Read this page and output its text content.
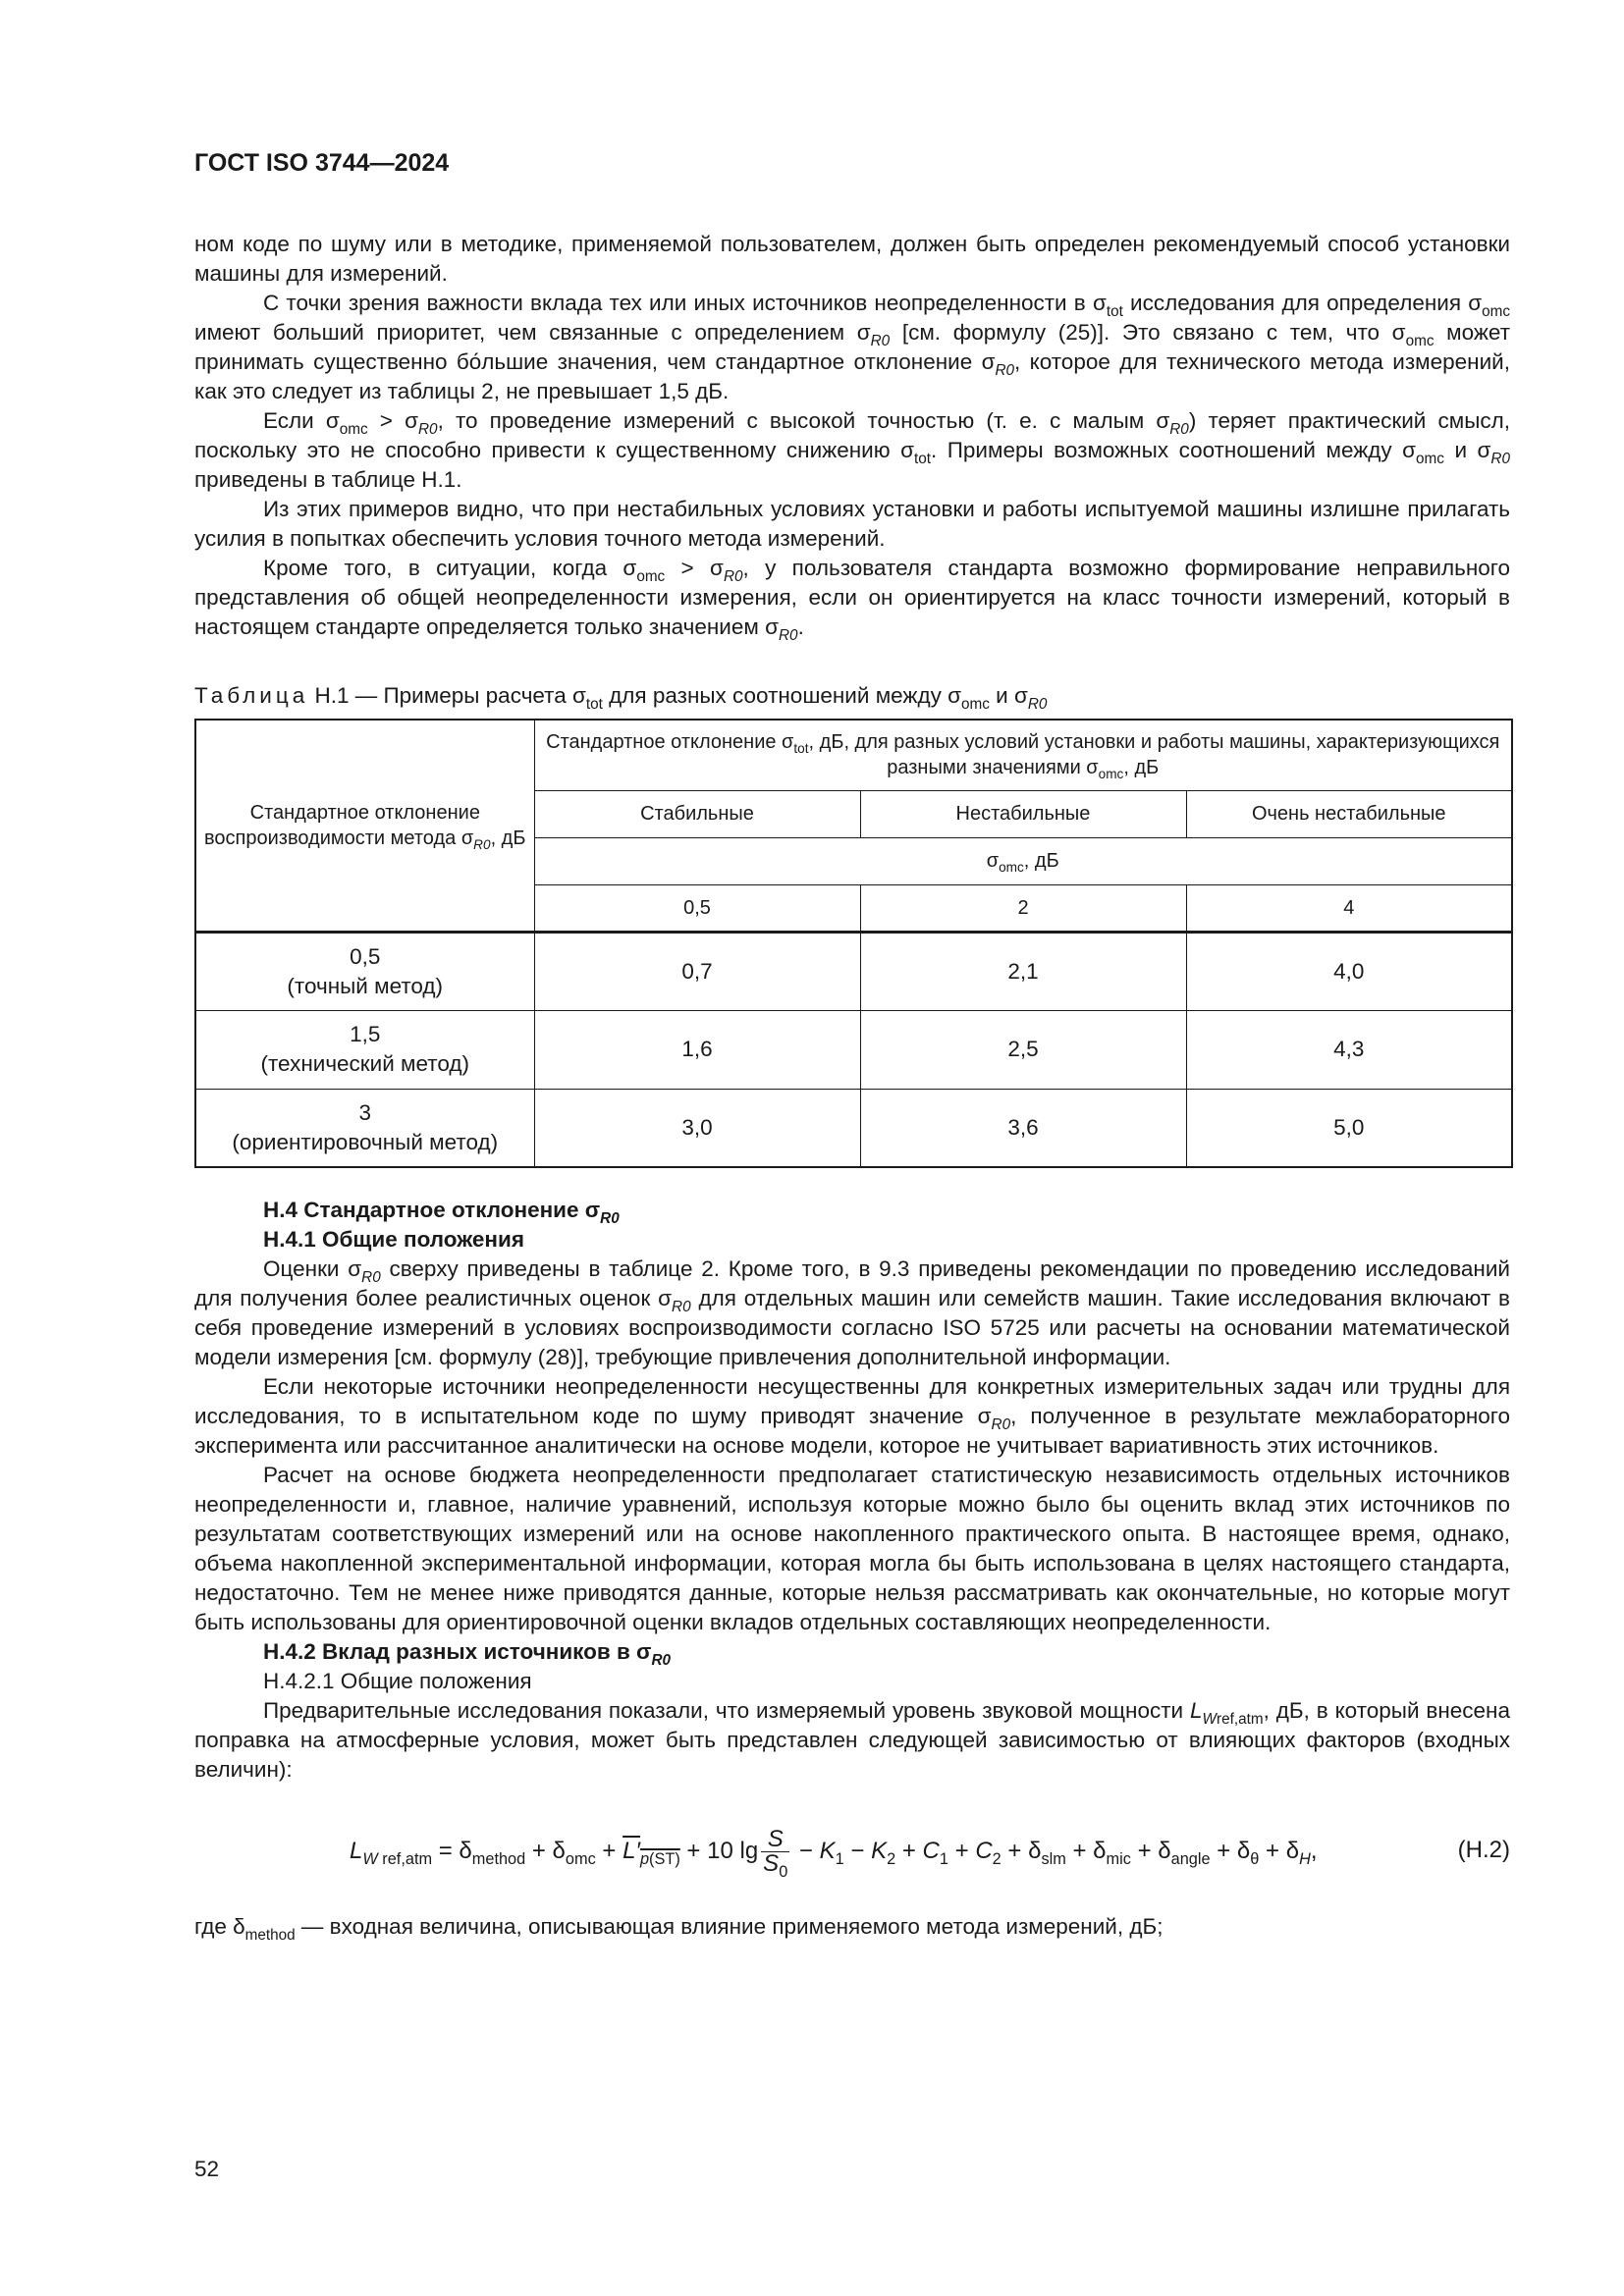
ГОСТ ISO 3744—2024

ном коде по шуму или в методике, применяемой пользователем, должен быть определен рекомендуемый способ установки машины для измерений.

С точки зрения важности вклада тех или иных источников неопределенности в $\sigma_{tot}$ исследования для определения $\sigma_{omc}$ имеют больший приоритет, чем связанные с определением $\sigma_{R0}$ [см. формулу (25)]. Это связано с тем, что $\sigma_{omc}$ может принимать существенно бо́льшие значения, чем стандартное отклонение $\sigma_{R0}$, которое для технического метода измерений, как это следует из таблицы 2, не превышает 1,5 дБ.

Если $\sigma_{omc} > \sigma_{R0}$, то проведение измерений с высокой точностью (т. е. с малым $\sigma_{R0}$) теряет практический смысл, поскольку это не способно привести к существенному снижению $\sigma_{tot}$. Примеры возможных соотношений между $\sigma_{omc}$ и $\sigma_{R0}$ приведены в таблице Н.1.

Из этих примеров видно, что при нестабильных условиях установки и работы испытуемой машины излишне прилагать усилия в попытках обеспечить условия точного метода измерений.

Кроме того, в ситуации, когда $\sigma_{omc} > \sigma_{R0}$, у пользователя стандарта возможно формирование неправильного представления об общей неопределенности измерения, если он ориентируется на класс точности измерений, который в настоящем стандарте определяется только значением $\sigma_{R0}$.

Таблица Н.1 — Примеры расчета $\sigma_{tot}$ для разных соотношений между $\sigma_{omc}$ и $\sigma_{R0}$
Стандартное отклонение воспроизводимости метода $\sigma_{R0}$, дБ	Стандартное отклонение $\sigma_{tot}$, дБ, для разных условий установки и работы машины, характеризующихся разными значениями $\sigma_{omc}$, дБ		
	Стабильные	Нестабильные	Очень нестабильные
	$\sigma_{omc}$, дБ		
	0,5	2	4
0,5
(точный метод)	0,7	2,1	4,0
1,5
(технический метод)	1,6	2,5	4,3
3
(ориентировочный метод)	3,0	3,6	5,0

Н.4 Стандартное отклонение $\sigma_{R0}$

Н.4.1 Общие положения

Оценки $\sigma_{R0}$ сверху приведены в таблице 2. Кроме того, в 9.3 приведены рекомендации по проведению исследований для получения более реалистичных оценок $\sigma_{R0}$ для отдельных машин или семейств машин. Такие исследования включают в себя проведение измерений в условиях воспроизводимости согласно ISO 5725 или расчеты на основании математической модели измерения [см. формулу (28)], требующие привлечения дополнительной информации.

Если некоторые источники неопределенности несущественны для конкретных измерительных задач или трудны для исследования, то в испытательном коде по шуму приводят значение $\sigma_{R0}$, полученное в результате межлабораторного эксперимента или рассчитанное аналитически на основе модели, которое не учитывает вариативность этих источников.

Расчет на основе бюджета неопределенности предполагает статистическую независимость отдельных источников неопределенности и, главное, наличие уравнений, используя которые можно было бы оценить вклад этих источников по результатам соответствующих измерений или на основе накопленного практического опыта. В настоящее время, однако, объема накопленной экспериментальной информации, которая могла бы быть использована в целях настоящего стандарта, недостаточно. Тем не менее ниже приводятся данные, которые нельзя рассматривать как окончательные, но которые могут быть использованы для ориентировочной оценки вкладов отдельных составляющих неопределенности.

Н.4.2 Вклад разных источников в $\sigma_{R0}$

Н.4.2.1 Общие положения

Предварительные исследования показали, что измеряемый уровень звуковой мощности $L_{Wref,atm}$, дБ, в который внесена поправка на атмосферные условия, может быть представлен следующей зависимостью от влияющих факторов (входных величин):

$L_{W ref,atm} = \delta_{method} + \delta_{omc} + L'_{p(ST)} + 10$ $\lg \frac{S}{S_0} - K_1 - K_2 + C_1 + C_2 + \delta_{slm} + \delta_{mic} + \delta_{angle} + \delta_\theta + \delta_H$,	(Н.2)

где $\delta_{method}$ — входная величина, описывающая влияние применяемого метода измерений, дБ;

52
